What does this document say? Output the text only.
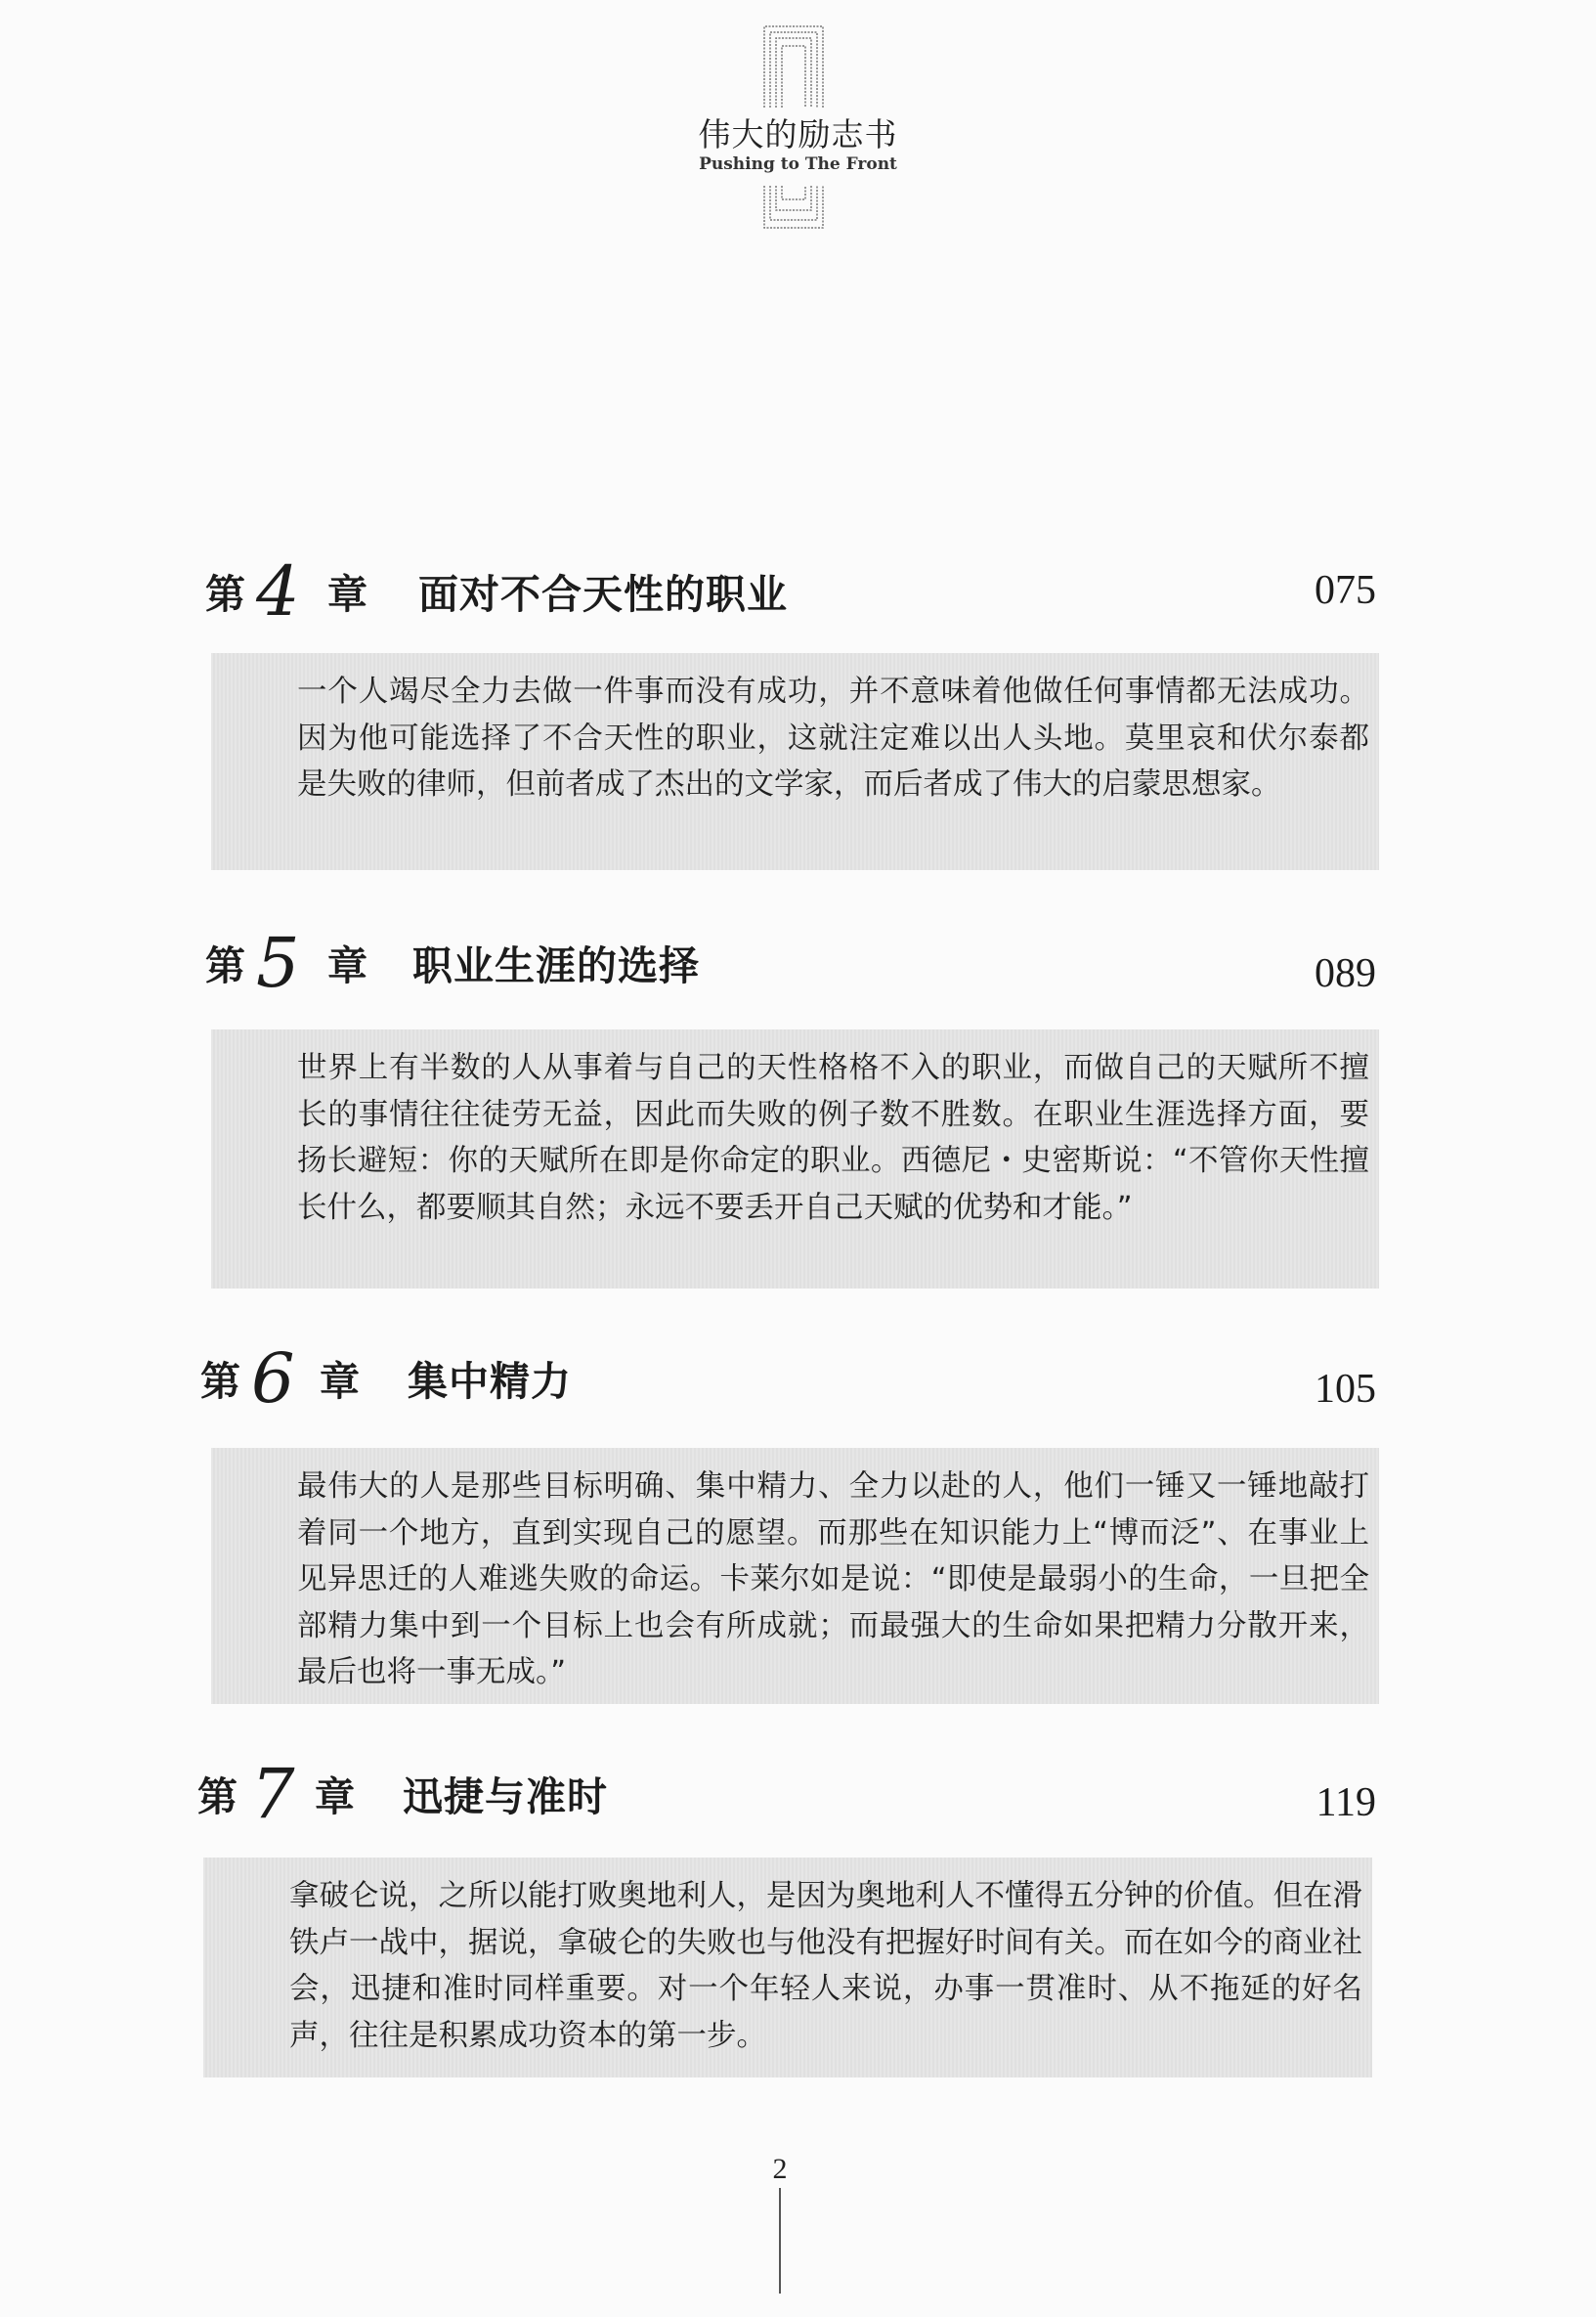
伟大的励志书
Pushing to The Front
第 4 章 面对不合天性的职业	075

一个人竭尽全力去做一件事而没有成功，并不意味着他做任何事情都无法成功。因为他可能选择了不合天性的职业，这就注定难以出人头地。莫里哀和伏尔泰都是失败的律师，但前者成了杰出的文学家，而后者成了伟大的启蒙思想家。

第 5 章 职业生涯的选择	089

世界上有半数的人从事着与自己的天性格格不入的职业，而做自己的天赋所不擅长的事情往往徒劳无益，因此而失败的例子数不胜数。在职业生涯选择方面，要扬长避短：你的天赋所在即是你命定的职业。西德尼・史密斯说：“不管你天性擅长什么，都要顺其自然；永远不要丢开自己天赋的优势和才能。”

第 6 章 集中精力	105

最伟大的人是那些目标明确、集中精力、全力以赴的人，他们一锤又一锤地敲打着同一个地方，直到实现自己的愿望。而那些在知识能力上“博而泛”、在事业上见异思迁的人难逃失败的命运。卡莱尔如是说：“即使是最弱小的生命，一旦把全部精力集中到一个目标上也会有所成就；而最强大的生命如果把精力分散开来，最后也将一事无成。”

第 7 章 迅捷与准时	119

拿破仑说，之所以能打败奥地利人，是因为奥地利人不懂得五分钟的价值。但在滑铁卢一战中，据说，拿破仑的失败也与他没有把握好时间有关。而在如今的商业社会，迅捷和准时同样重要。对一个年轻人来说，办事一贯准时、从不拖延的好名声，往往是积累成功资本的第一步。

2
